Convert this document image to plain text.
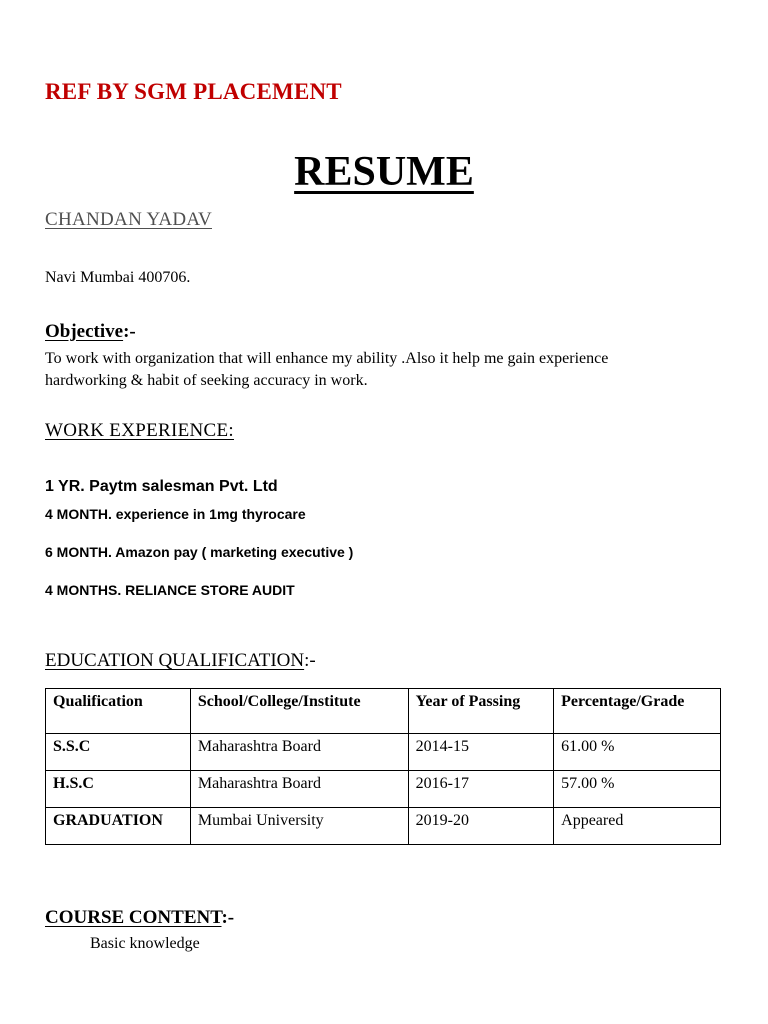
REF BY SGM PLACEMENT
RESUME
CHANDAN YADAV
Navi Mumbai 400706.
Objective:-
To work with organization that will enhance my ability .Also it help me gain experience
hardworking & habit of seeking accuracy in work.
WORK EXPERIENCE:
1 YR. Paytm salesman Pvt. Ltd
4 MONTH. experience in 1mg thyrocare
6 MONTH. Amazon pay ( marketing executive )
4 MONTHS. RELIANCE STORE AUDIT
EDUCATION QUALIFICATION:-
Qualification	School/College/Institute	Year of Passing	Percentage/Grade
S.S.C	Maharashtra Board	2014-15	61.00 %
H.S.C	Maharashtra Board	2016-17	57.00 %
GRADUATION	Mumbai University	2019-20	Appeared
COURSE CONTENT:-
Basic knowledge
